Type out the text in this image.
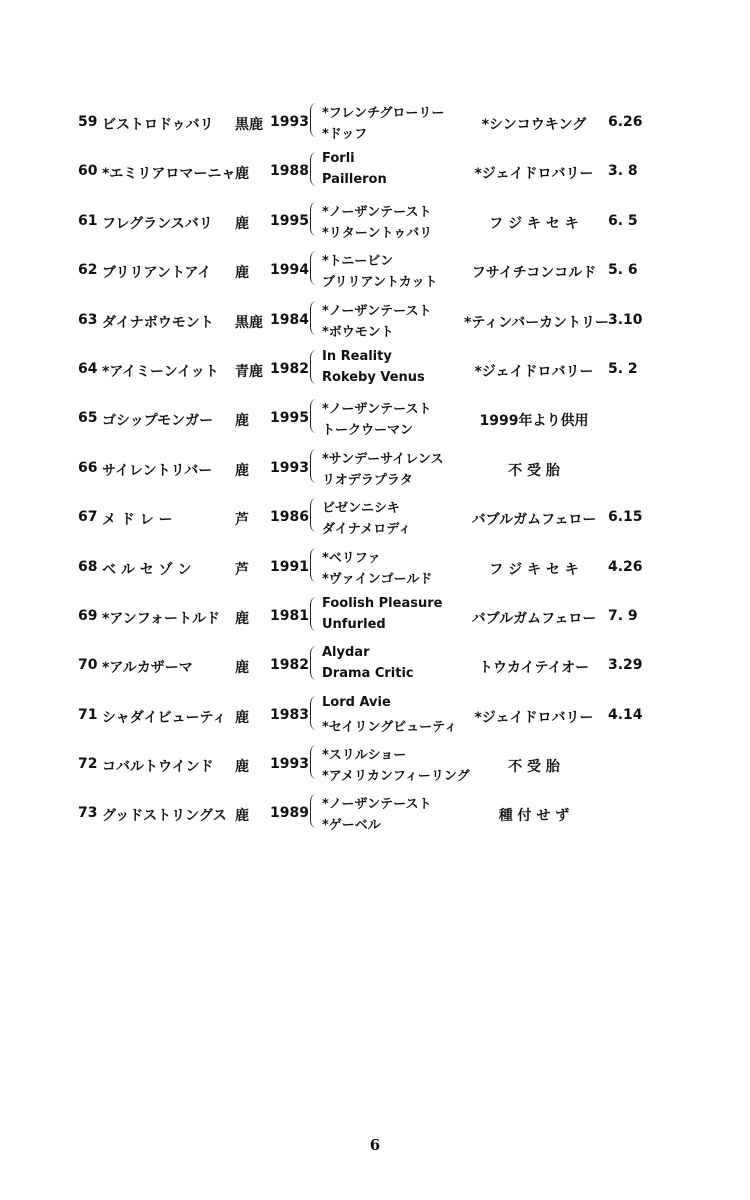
59 ビストロドゥバリ	黒鹿 1993
*フレンチグローリー
*ドッフ
*シンコウキング	6.26
60 *エミリアロマーニャ 鹿	1988
Forli
Pailleron	*ジェイドロバリー	3. 8
61 フレグランスバリ	鹿	1995
*ノーザンテースト
*リターントゥバリ
フ ジ キ セ キ	6. 5
62 ブリリアントアイ	鹿	1994
*トニービン
ブリリアントカット
フサイチコンコルド 5. 6
63 ダイナボウモント	黒鹿 1984
*ノーザンテースト
*ボウモント
*ティンバーカントリー 3.10
64 *アイミーンイット	青鹿 1982
In Reality
Rokeby Venus	*ジェイドロバリー	5. 2
65 ゴシップモンガー	鹿	1995
*ノーザンテースト
トークウーマン
1999年より供用
66 サイレントリバー	鹿	1993
*サンデーサイレンス
リオデラプラタ
不 受 胎
67 メ ド レ ー	芦	1986
ビゼンニシキ
ダイナメロディ
バブルガムフェロー 6.15
68 ベ ル セ ゾ ン	芦	1991
*ベリファ
*ヴァインゴールド
フ ジ キ セ キ	4.26
69 *アンフォートルド	鹿	1981
Foolish Pleasure
Unfurled	バブルガムフェロー 7. 9
70 *アルカザーマ	鹿	1982
Alydar
Drama Critic	トウカイテイオー	3.29
71 シャダイビューティ 鹿	1983
Lord Avie
*セイリングビューティ
*ジェイドロバリー	4.14
72 コバルトウインド	鹿	1993
*スリルショー
*アメリカンフィーリング
不 受 胎
73 グッドストリングス 鹿	1989
*ノーザンテースト
*ゲーベル
種 付 せ ず
6
